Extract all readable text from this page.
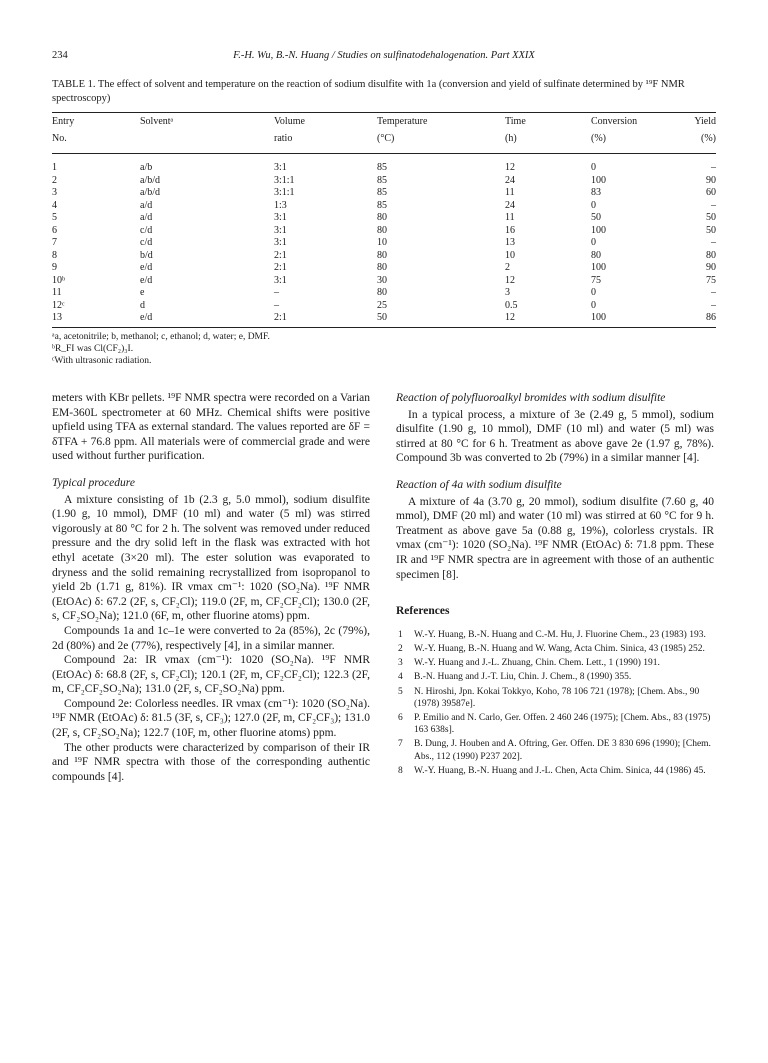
234	F.-H. Wu, B.-N. Huang / Studies on sulfinatodehalogenation. Part XXIX
TABLE 1. The effect of solvent and temperature on the reaction of sodium disulfite with 1a (conversion and yield of sulfinate determined by ¹⁹F NMR spectroscopy)
Entry	Solventᵃ	Volume	Temperature	Time	Conversion	Yield
No.		ratio	(°C)	(h)	(%)	(%)
1	a/b	3:1	85	12	0	–
2	a/b/d	3:1:1	85	24	100	90
3	a/b/d	3:1:1	85	11	83	60
4	a/d	1:3	85	24	0	–
5	a/d	3:1	80	11	50	50
6	c/d	3:1	80	16	100	50
7	c/d	3:1	10	13	0	–
8	b/d	2:1	80	10	80	80
9	e/d	2:1	80	2	100	90
10ᵇ	e/d	3:1	30	12	75	75
11	e	–	80	3	0	–
12ᶜ	d	–	25	0.5	0	–
13	e/d	2:1	50	12	100	86
ᵃa, acetonitrile; b, methanol; c, ethanol; d, water; e, DMF.
ᵇR_FI was Cl(CF₂)₃I.
ᶜWith ultrasonic radiation.

meters with KBr pellets. ¹⁹F NMR spectra were recorded on a Varian EM-360L spectrometer at 60 MHz. Chemical shifts were positive upfield using TFA as external standard. The values reported are δF = δTFA + 76.8 ppm. All materials were of commercial grade and were used without further purification.

Typical procedure

A mixture consisting of 1b (2.3 g, 5.0 mmol), sodium disulfite (1.90 g, 10 mmol), DMF (10 ml) and water (5 ml) was stirred vigorously at 80 °C for 2 h. The solvent was removed under reduced pressure and the dry solid left in the flask was extracted with hot ethyl acetate (3×20 ml). The ester solution was evaporated to dryness and the solid remaining recrystallized from isopropanol to yield 2b (1.71 g, 81%). IR νmax cm⁻¹: 1020 (SO₂Na). ¹⁹F NMR (EtOAc) δ: 67.2 (2F, s, CF₂Cl); 119.0 (2F, m, CF₂CF₂Cl); 130.0 (2F, s, CF₂SO₂Na); 121.0 (6F, m, other fluorine atoms) ppm.

Compounds 1a and 1c–1e were converted to 2a (85%), 2c (79%), 2d (80%) and 2e (77%), respectively [4], in a similar manner.

Compound 2a: IR νmax (cm⁻¹): 1020 (SO₂Na). ¹⁹F NMR (EtOAc) δ: 68.8 (2F, s, CF₂Cl); 120.1 (2F, m, CF₂CF₂Cl); 122.3 (2F, m, CF₂CF₂SO₂Na); 131.0 (2F, s, CF₂SO₂Na) ppm.

Compound 2e: Colorless needles. IR νmax (cm⁻¹): 1020 (SO₂Na). ¹⁹F NMR (EtOAc) δ: 81.5 (3F, s, CF₃); 127.0 (2F, m, CF₂CF₃); 131.0 (2F, s, CF₂SO₂Na); 122.7 (10F, m, other fluorine atoms) ppm.

The other products were characterized by comparison of their IR and ¹⁹F NMR spectra with those of the corresponding authentic compounds [4].

Reaction of polyfluoroalkyl bromides with sodium disulfite

In a typical process, a mixture of 3e (2.49 g, 5 mmol), sodium disulfite (1.90 g, 10 mmol), DMF (10 ml) and water (5 ml) was stirred at 80 °C for 6 h. Treatment as above gave 2e (1.97 g, 78%). Compound 3b was converted to 2b (79%) in a similar manner [4].

Reaction of 4a with sodium disulfite

A mixture of 4a (3.70 g, 20 mmol), sodium disulfite (7.60 g, 40 mmol), DMF (20 ml) and water (10 ml) was stirred at 60 °C for 9 h. Treatment as above gave 5a (0.88 g, 19%), colorless crystals. IR νmax (cm⁻¹): 1020 (SO₂Na). ¹⁹F NMR (EtOAc) δ: 71.8 ppm. These IR and ¹⁹F NMR spectra are in agreement with those of an authentic specimen [8].

References
1 W.-Y. Huang, B.-N. Huang and C.-M. Hu, J. Fluorine Chem., 23 (1983) 193.
2 W.-Y. Huang, B.-N. Huang and W. Wang, Acta Chim. Sinica, 43 (1985) 252.
3 W.-Y. Huang and J.-L. Zhuang, Chin. Chem. Lett., 1 (1990) 191.
4 B.-N. Huang and J.-T. Liu, Chin. J. Chem., 8 (1990) 355.
5 N. Hiroshi, Jpn. Kokai Tokkyo, Koho, 78 106 721 (1978); [Chem. Abs., 90 (1978) 39587e].
6 P. Emilio and N. Carlo, Ger. Offen. 2 460 246 (1975); [Chem. Abs., 83 (1975) 163 638s].
7 B. Dung, J. Houben and A. Oftring, Ger. Offen. DE 3 830 696 (1990); [Chem. Abs., 112 (1990) P237 202].
8 W.-Y. Huang, B.-N. Huang and J.-L. Chen, Acta Chim. Sinica, 44 (1986) 45.
